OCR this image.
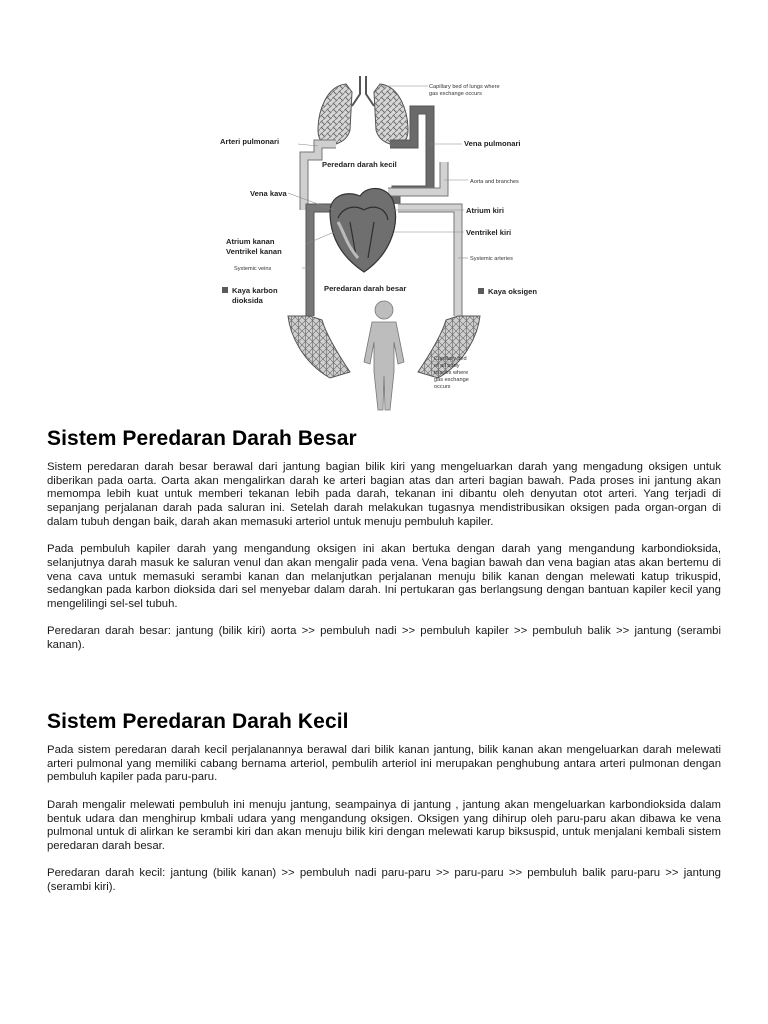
Capillary bed of lungs where
gas exchange occurs
Arteri pulmonari	Vena pulmonari
Peredarn darah kecil
Aorta and branches
Vena kava
Atrium kiri
Ventrikel kiri
Atrium kanan
Ventrikel kanan
Systemic veins
Systemic arteries
Kaya karbon
dioksida
Peredaran darah besar	Kaya oksigen
Capillary bed
of all body
tissues where
gas exchange
occurs
Sistem Peredaran Darah Besar

Sistem peredaran darah besar berawal dari jantung bagian bilik kiri yang mengeluarkan darah yang mengadung oksigen untuk diberikan pada oarta. Oarta akan mengalirkan darah ke arteri bagian atas dan arteri bagian bawah. Pada proses ini jantung akan memompa lebih kuat untuk memberi tekanan lebih pada darah, tekanan ini dibantu oleh denyutan otot arteri. Yang terjadi di sepanjang perjalanan darah pada saluran ini. Setelah darah melakukan tugasnya mendistribusikan oksigen pada organ-organ di dalam tubuh dengan baik, darah akan memasuki arteriol untuk menuju pembuluh kapiler.

Pada pembuluh kapiler darah yang mengandung oksigen ini akan bertuka dengan darah yang mengandung karbondioksida, selanjutnya darah masuk ke saluran venul dan akan mengalir pada vena. Vena bagian bawah dan vena bagian atas akan bertemu di vena cava untuk memasuki serambi kanan dan melanjutkan perjalanan menuju bilik kanan dengan melewati katup trikuspid, sedangkan pada karbon dioksida dari sel menyebar dalam darah. Ini pertukaran gas berlangsung dengan bantuan kapiler kecil yang mengelilingi sel-sel tubuh.

Peredaran darah besar: jantung (bilik kiri) aorta >> pembuluh nadi >> pembuluh kapiler >> pembuluh balik >> jantung (serambi kanan).

Sistem Peredaran Darah Kecil

Pada sistem peredaran darah kecil perjalanannya berawal dari bilik kanan jantung, bilik kanan akan mengeluarkan darah melewati arteri pulmonal yang memiliki cabang bernama arteriol, pembulih arteriol ini merupakan penghubung antara arteri pulmonan dengan pembuluh kapiler pada paru-paru.

Darah mengalir melewati pembuluh ini menuju jantung, seampainya di jantung , jantung akan mengeluarkan karbondioksida dalam bentuk udara dan menghirup kmbali udara yang mengandung oksigen. Oksigen yang dihirup oleh paru-paru akan dibawa ke vena pulmonal untuk di alirkan ke serambi kiri dan akan menuju bilik kiri dengan melewati karup biksuspid, untuk menjalani kembali sistem peredaran darah besar.

Peredaran darah kecil: jantung (bilik kanan) >> pembuluh nadi paru-paru >> paru-paru >> pembuluh balik paru-paru >> jantung (serambi kiri).
